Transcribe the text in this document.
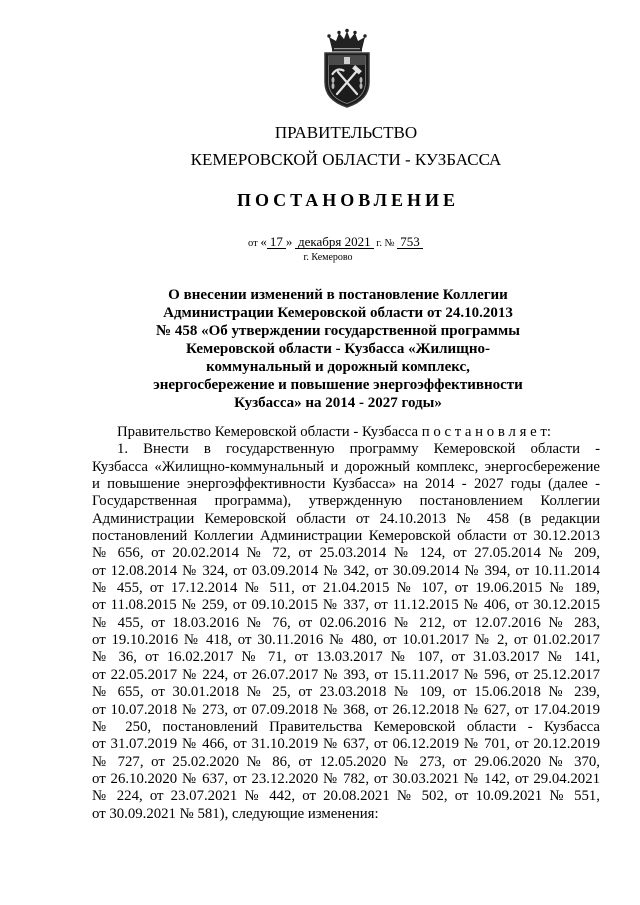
ПРАВИТЕЛЬСТВО
КЕМЕРОВСКОЙ ОБЛАСТИ - КУЗБАССА
ПОСТАНОВЛЕНИЕ
от « 17 » декабря 2021 г. № 753
г. Кемерово
О внесении изменений в постановление Коллегии
Администрации Кемеровской области от 24.10.2013
№ 458 «Об утверждении государственной программы
Кемеровской области - Кузбасса «Жилищно-
коммунальный и дорожный комплекс,
энергосбережение и повышение энергоэффективности
Кузбасса» на 2014 - 2027 годы»
Правительство Кемеровской области - Кузбасса п о с т а н о в л я е т:
1. Внести в государственную программу Кемеровской области -
Кузбасса «Жилищно-коммунальный и дорожный комплекс, энергосбережение
и повышение энергоэффективности Кузбасса» на 2014 - 2027 годы (далее -
Государственная программа), утвержденную постановлением Коллегии
Администрации Кемеровской области от 24.10.2013 № 458 (в редакции
постановлений Коллегии Администрации Кемеровской области от 30.12.2013
№ 656, от 20.02.2014 № 72, от 25.03.2014 № 124, от 27.05.2014 № 209,
от 12.08.2014 № 324, от 03.09.2014 № 342, от 30.09.2014 № 394, от 10.11.2014
№ 455, от 17.12.2014 № 511, от 21.04.2015 № 107, от 19.06.2015 № 189,
от 11.08.2015 № 259, от 09.10.2015 № 337, от 11.12.2015 № 406, от 30.12.2015
№ 455, от 18.03.2016 № 76, от 02.06.2016 № 212, от 12.07.2016 № 283,
от 19.10.2016 № 418, от 30.11.2016 № 480, от 10.01.2017 № 2, от 01.02.2017
№ 36, от 16.02.2017 № 71, от 13.03.2017 № 107, от 31.03.2017 № 141,
от 22.05.2017 № 224, от 26.07.2017 № 393, от 15.11.2017 № 596, от 25.12.2017
№ 655, от 30.01.2018 № 25, от 23.03.2018 № 109, от 15.06.2018 № 239,
от 10.07.2018 № 273, от 07.09.2018 № 368, от 26.12.2018 № 627, от 17.04.2019
№ 250, постановлений Правительства Кемеровской области - Кузбасса
от 31.07.2019 № 466, от 31.10.2019 № 637, от 06.12.2019 № 701, от 20.12.2019
№ 727, от 25.02.2020 № 86, от 12.05.2020 № 273, от 29.06.2020 № 370,
от 26.10.2020 № 637, от 23.12.2020 № 782, от 30.03.2021 № 142, от 29.04.2021
№ 224, от 23.07.2021 № 442, от 20.08.2021 № 502, от 10.09.2021 № 551,
от 30.09.2021 № 581), следующие изменения:
